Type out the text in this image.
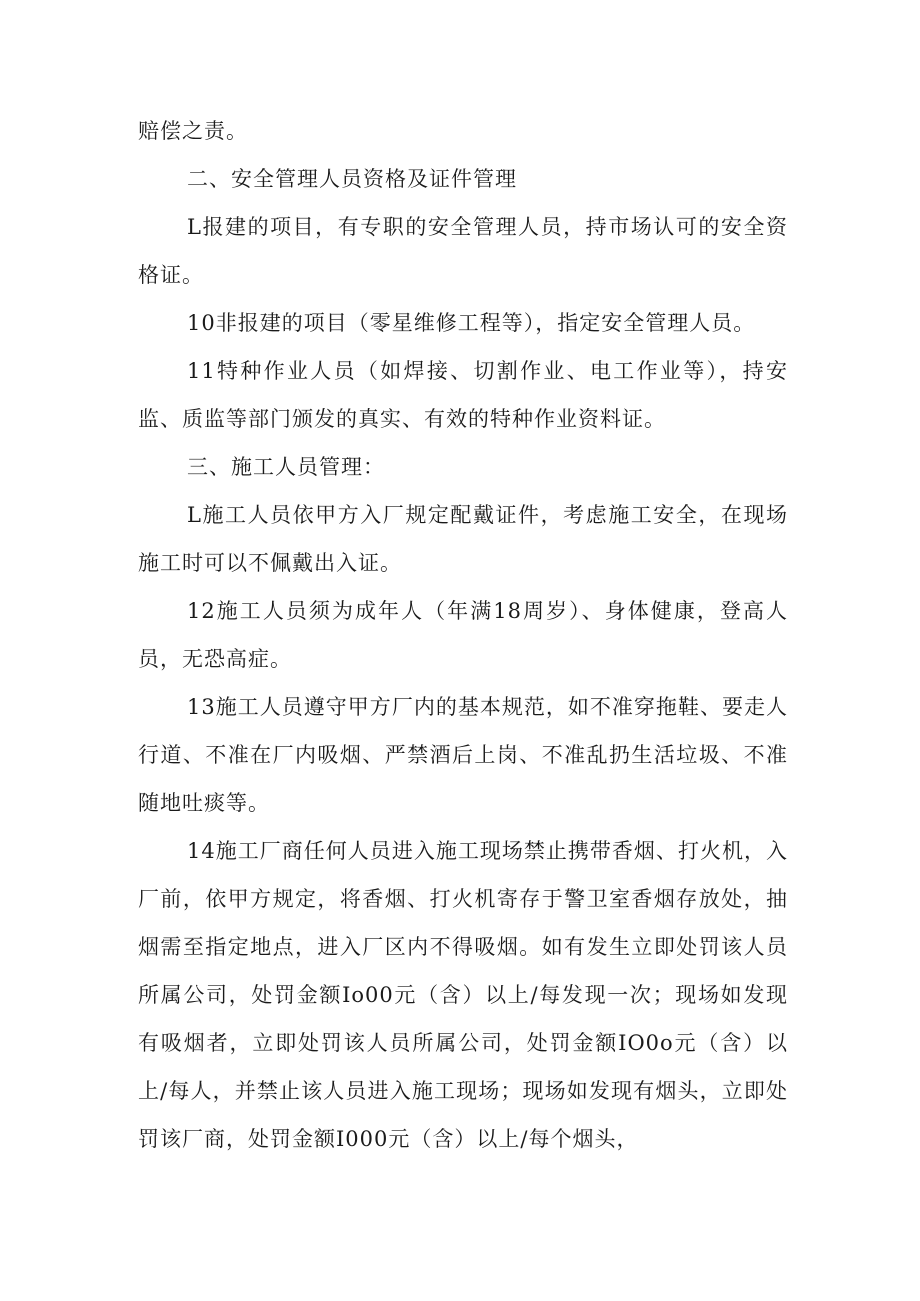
赔偿之责。

二、安全管理人员资格及证件管理

L报建的项目，有专职的安全管理人员，持市场认可的安全资格证。

10非报建的项目（零星维修工程等），指定安全管理人员。

11特种作业人员（如焊接、切割作业、电工作业等），持安监、质监等部门颁发的真实、有效的特种作业资料证。

三、施工人员管理：

L施工人员依甲方入厂规定配戴证件，考虑施工安全，在现场施工时可以不佩戴出入证。

12施工人员须为成年人（年满18周岁）、身体健康，登高人员，无恐高症。

13施工人员遵守甲方厂内的基本规范，如不准穿拖鞋、要走人行道、不准在厂内吸烟、严禁酒后上岗、不准乱扔生活垃圾、不准随地吐痰等。

14施工厂商任何人员进入施工现场禁止携带香烟、打火机，入厂前，依甲方规定，将香烟、打火机寄存于警卫室香烟存放处，抽烟需至指定地点，进入厂区内不得吸烟。如有发生立即处罚该人员所属公司，处罚金额Io00元（含）以上/每发现一次；现场如发现有吸烟者，立即处罚该人员所属公司，处罚金额IO0o元（含）以上/每人，并禁止该人员进入施工现场；现场如发现有烟头，立即处罚该厂商，处罚金额I000元（含）以上/每个烟头，
